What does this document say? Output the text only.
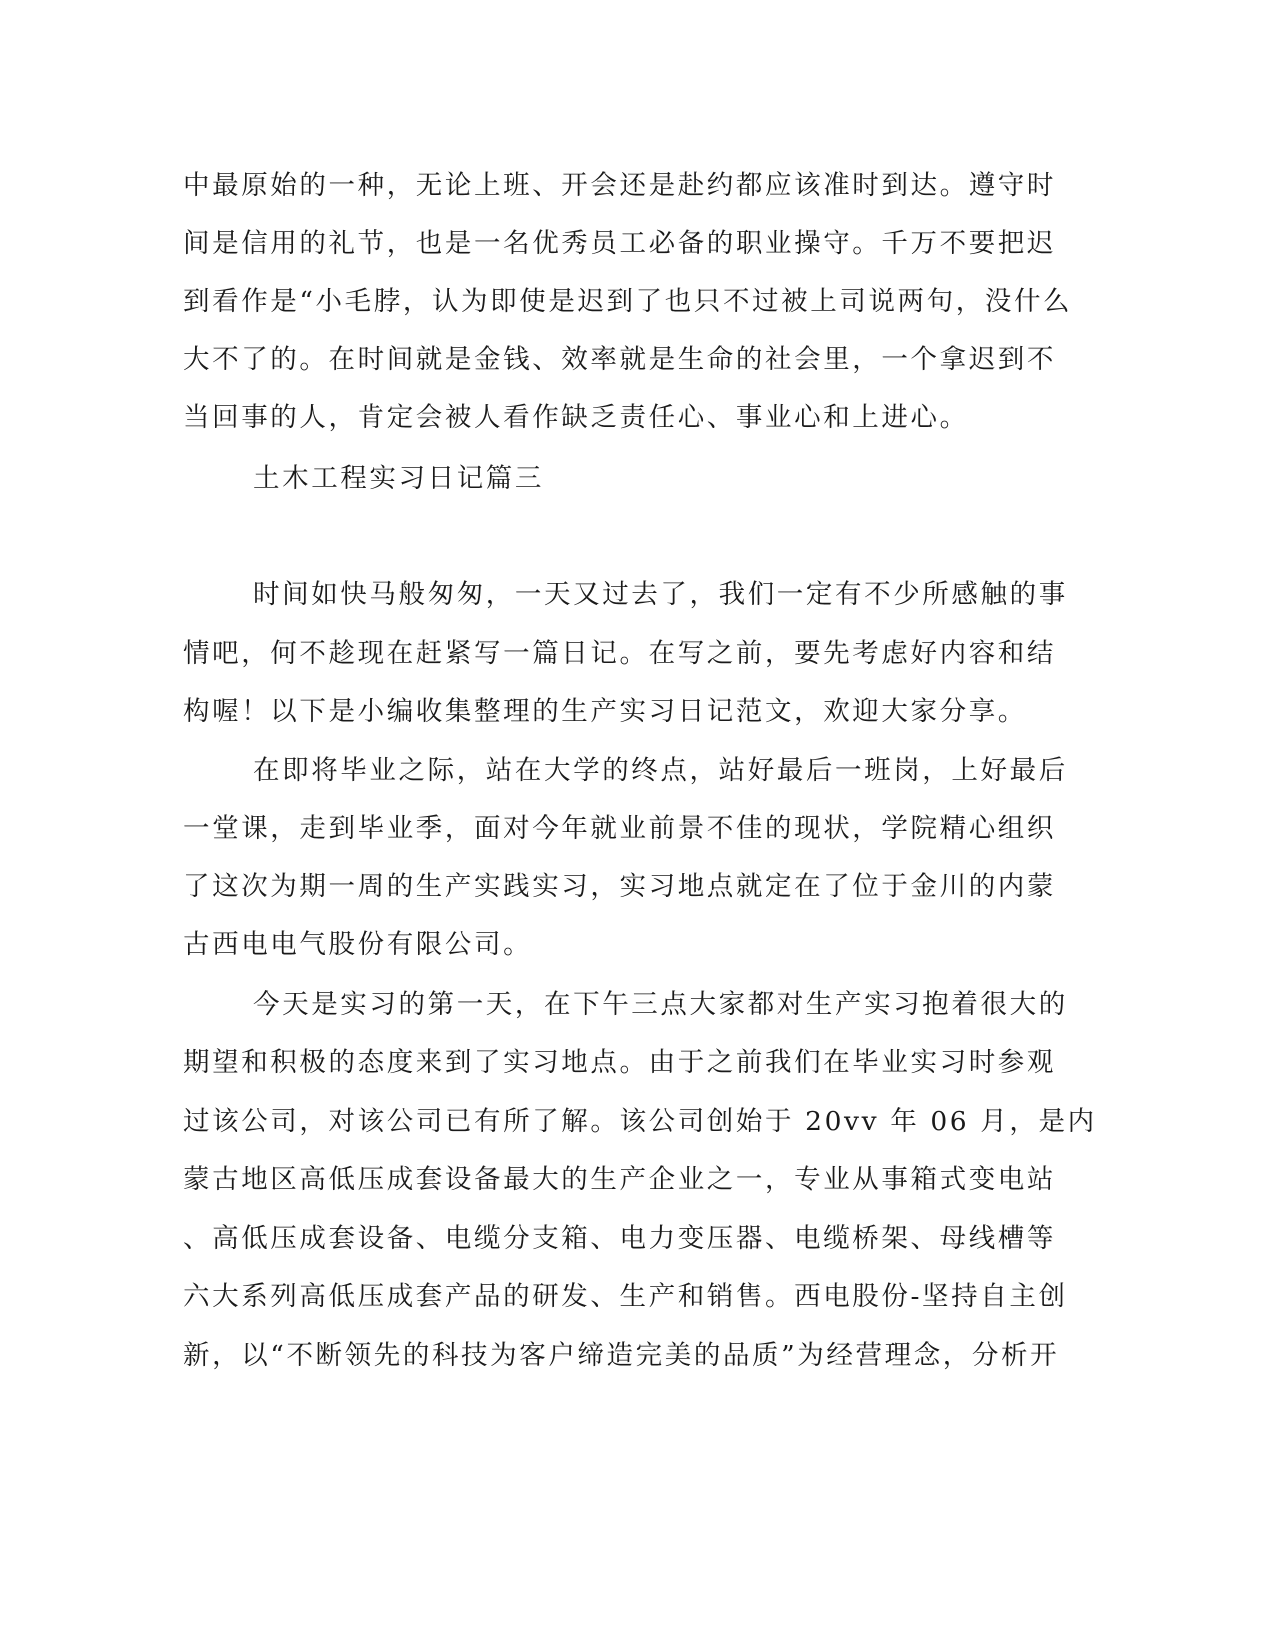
中最原始的一种，无论上班、开会还是赴约都应该准时到达。遵守时
间是信用的礼节，也是一名优秀员工必备的职业操守。千万不要把迟
到看作是“小毛脖，认为即使是迟到了也只不过被上司说两句，没什么
大不了的。在时间就是金钱、效率就是生命的社会里，一个拿迟到不
当回事的人，肯定会被人看作缺乏责任心、事业心和上进心。
土木工程实习日记篇三
时间如快马般匆匆，一天又过去了，我们一定有不少所感触的事
情吧，何不趁现在赶紧写一篇日记。在写之前，要先考虑好内容和结
构喔！以下是小编收集整理的生产实习日记范文，欢迎大家分享。
在即将毕业之际，站在大学的终点，站好最后一班岗，上好最后
一堂课，走到毕业季，面对今年就业前景不佳的现状，学院精心组织
了这次为期一周的生产实践实习，实习地点就定在了位于金川的内蒙
古西电电气股份有限公司。
今天是实习的第一天，在下午三点大家都对生产实习抱着很大的
期望和积极的态度来到了实习地点。由于之前我们在毕业实习时参观
过该公司，对该公司已有所了解。该公司创始于 20vv 年 06 月，是内
蒙古地区高低压成套设备最大的生产企业之一，专业从事箱式变电站
、高低压成套设备、电缆分支箱、电力变压器、电缆桥架、母线槽等
六大系列高低压成套产品的研发、生产和销售。西电股份-坚持自主创
新，以“不断领先的科技为客户缔造完美的品质”为经营理念，分析开
